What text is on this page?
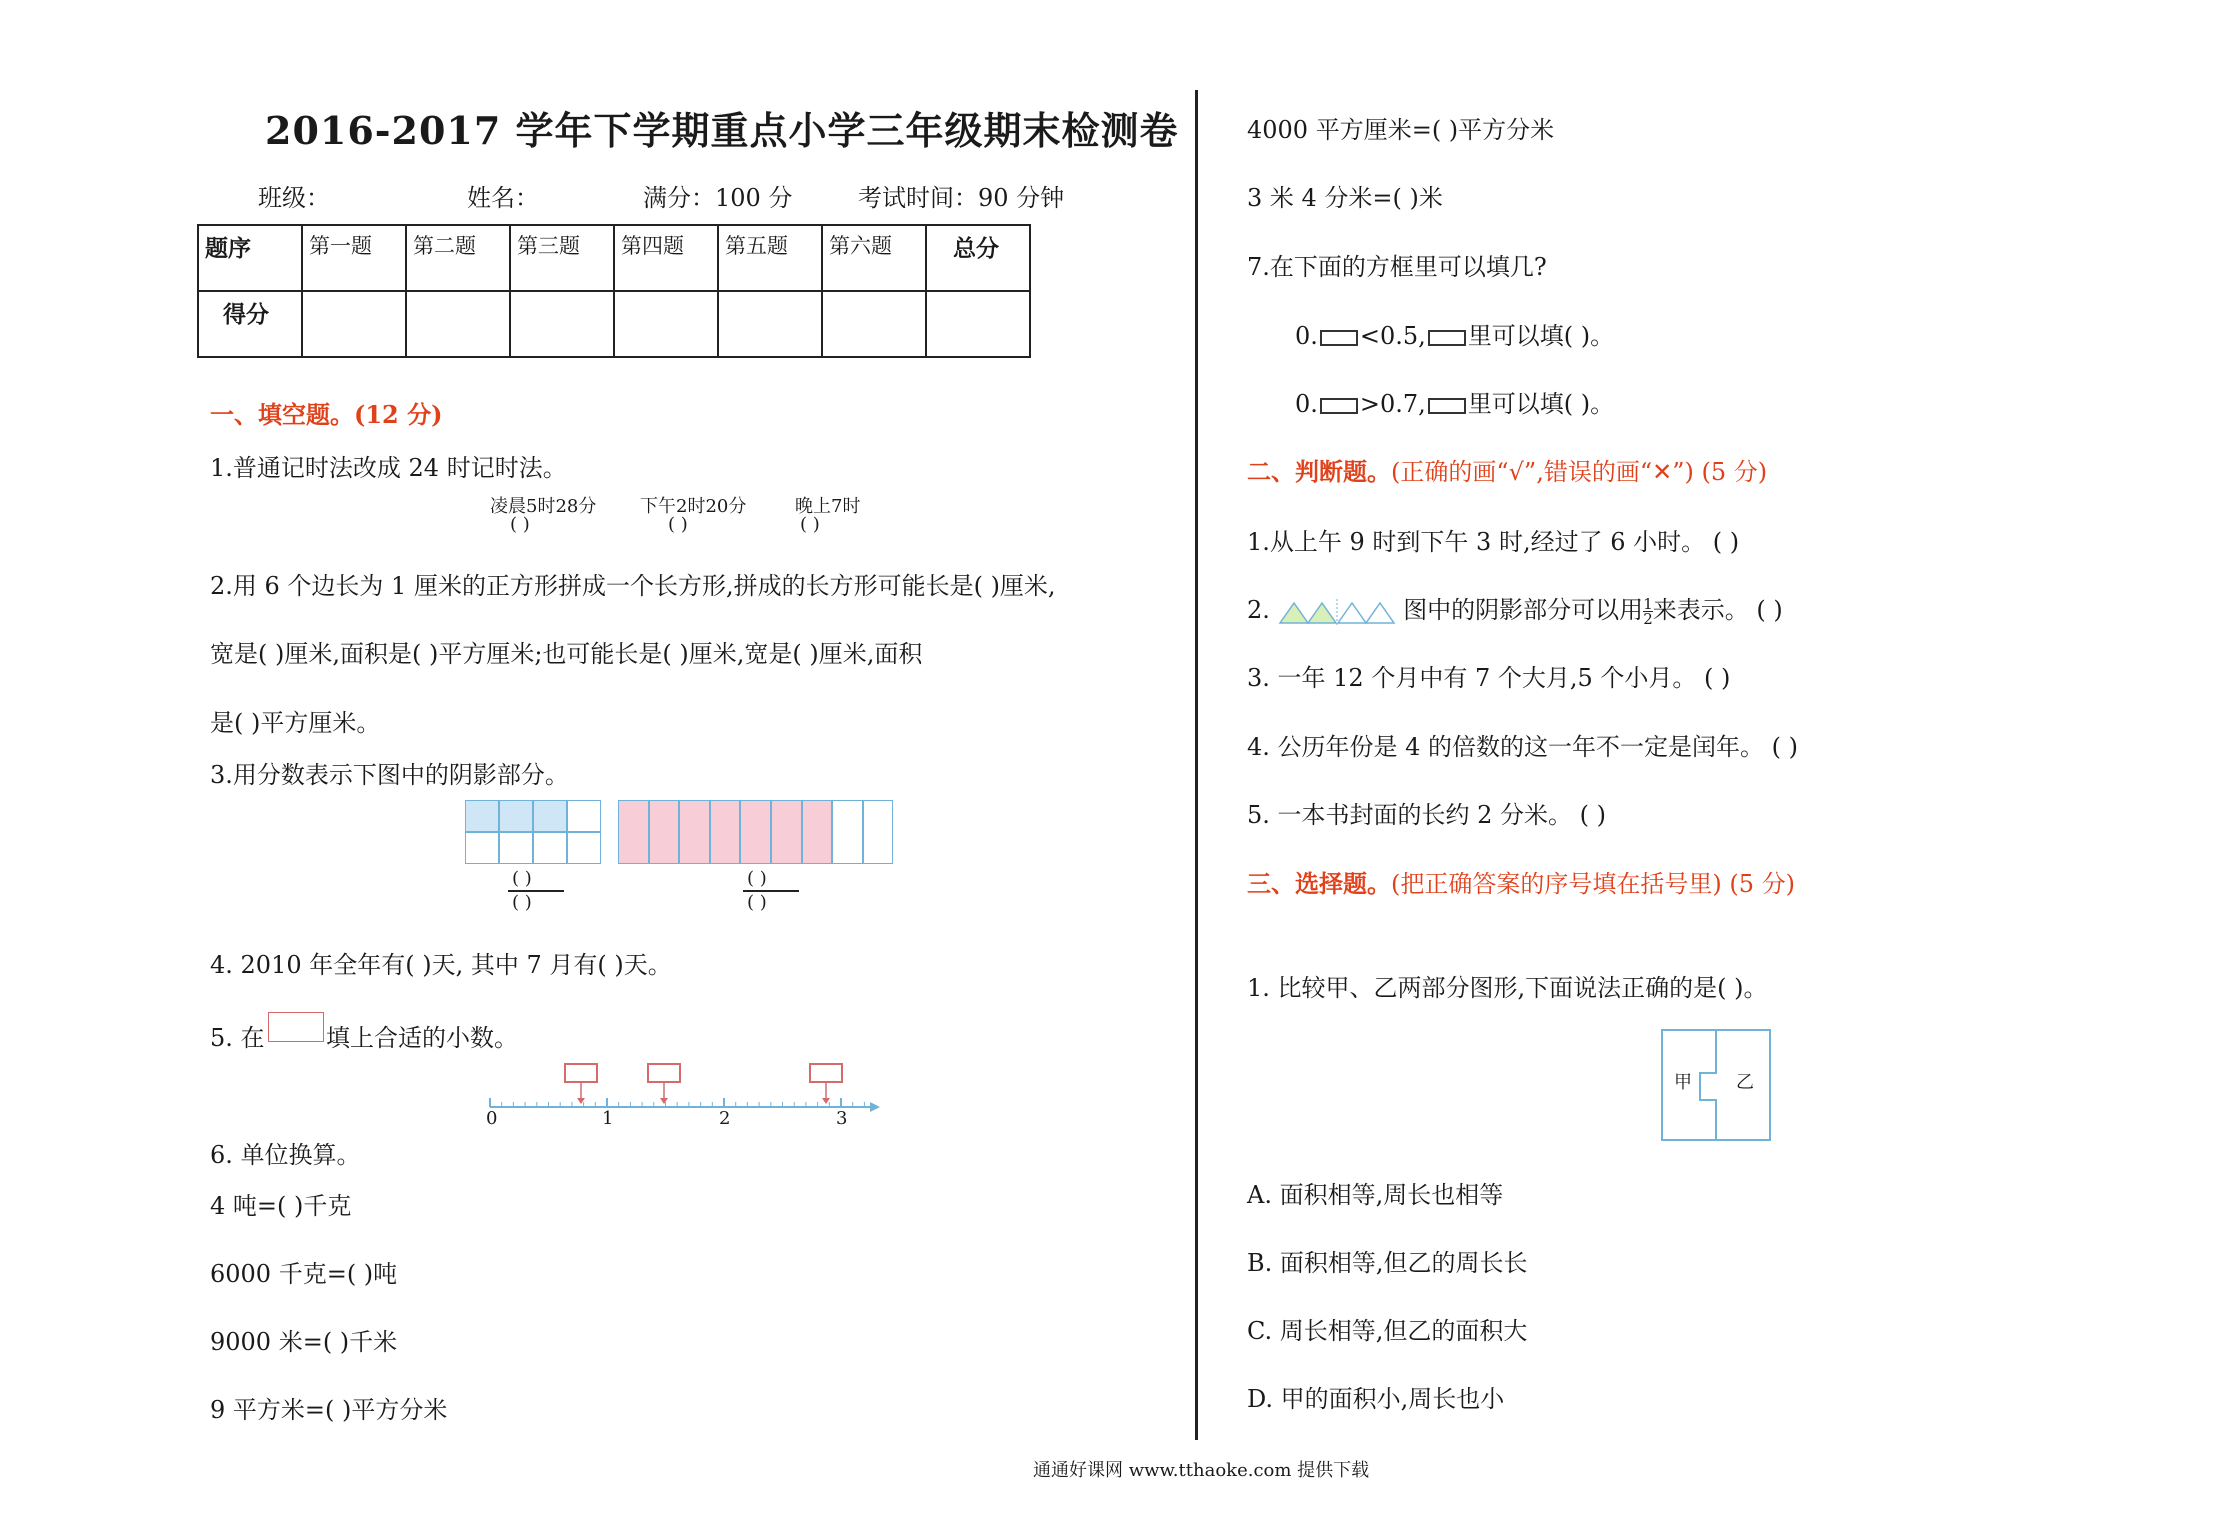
2016-2017 学年下学期重点小学三年级期末检测卷
班级：	姓名：	满分：100 分	考试时间：90 分钟
题序	第一题	第二题	第三题	第四题	第五题	第六题	总分
得分							
一、填空题。(12 分)
1.普通记时法改成 24 时记时法。
凌晨5时28分 下午2时20分	晚上7时
( )	( )	( )
2.用 6 个边长为 1 厘米的正方形拼成一个长方形,拼成的长方形可能长是( )厘米,
宽是( )厘米,面积是( )平方厘米;也可能长是( )厘米,宽是( )厘米,面积
是( )平方厘米。
3.用分数表示下图中的阴影部分。
( )
( )
( )
( )
4. 2010 年全年有( )天, 其中 7 月有( )天。
5. 在	填上合适的小数。
0	1	2	3
6. 单位换算。
4 吨=( )千克
6000 千克=( )吨
9000 米=( )千米
9 平方米=( )平方分米
4000 平方厘米=( )平方分米
3 米 4 分米=( )米
7.在下面的方框里可以填几?
0. <0.5, 里可以填( )。
0. >0.7, 里可以填( )。
二、判断题。(正确的画“√”,错误的画“✕”) (5 分)
1.从上午 9 时到下午 3 时,经过了 6 小时。 ( )
2.	图中的阴影部分可以用 $\frac{1}{2}$ 来表示。 ( )
3. 一年 12 个月中有 7 个大月,5 个小月。 ( )
4. 公历年份是 4 的倍数的这一年不一定是闰年。 ( )
5. 一本书封面的长约 2 分米。 ( )
三、选择题。(把正确答案的序号填在括号里) (5 分)
1. 比较甲、乙两部分图形,下面说法正确的是( )。
甲 乙
A. 面积相等,周长也相等
B. 面积相等,但乙的周长长
C. 周长相等,但乙的面积大
D. 甲的面积小,周长也小
通通好课网 www.tthaoke.com 提供下载
